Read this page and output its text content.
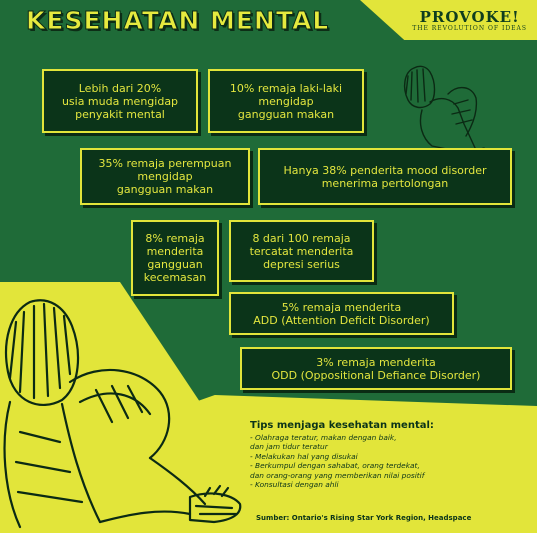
KESEHATAN MENTAL	PROVOKE!
THE REVOLUTION OF IDEAS
Lebih dari 20%
usia muda mengidap
penyakit mental
10% remaja laki-laki
mengidap
gangguan makan
35% remaja perempuan
mengidap
gangguan makan
Hanya 38% penderita mood disorder
menerima pertolongan
8% remaja
menderita
gangguan
kecemasan
8 dari 100 remaja
tercatat menderita
depresi serius
5% remaja menderita
ADD (Attention Deficit Disorder)
3% remaja menderita
ODD (Oppositional Defiance Disorder)
Tips menjaga kesehatan mental:
- Olahraga teratur, makan dengan baik,
dan jam tidur teratur
- Melakukan hal yang disukai
- Berkumpul dengan sahabat, orang terdekat,
dan orang-orang yang memberikan nilai positif
- Konsultasi dengan ahli
Sumber: Ontario's Rising Star York Region, Headspace
